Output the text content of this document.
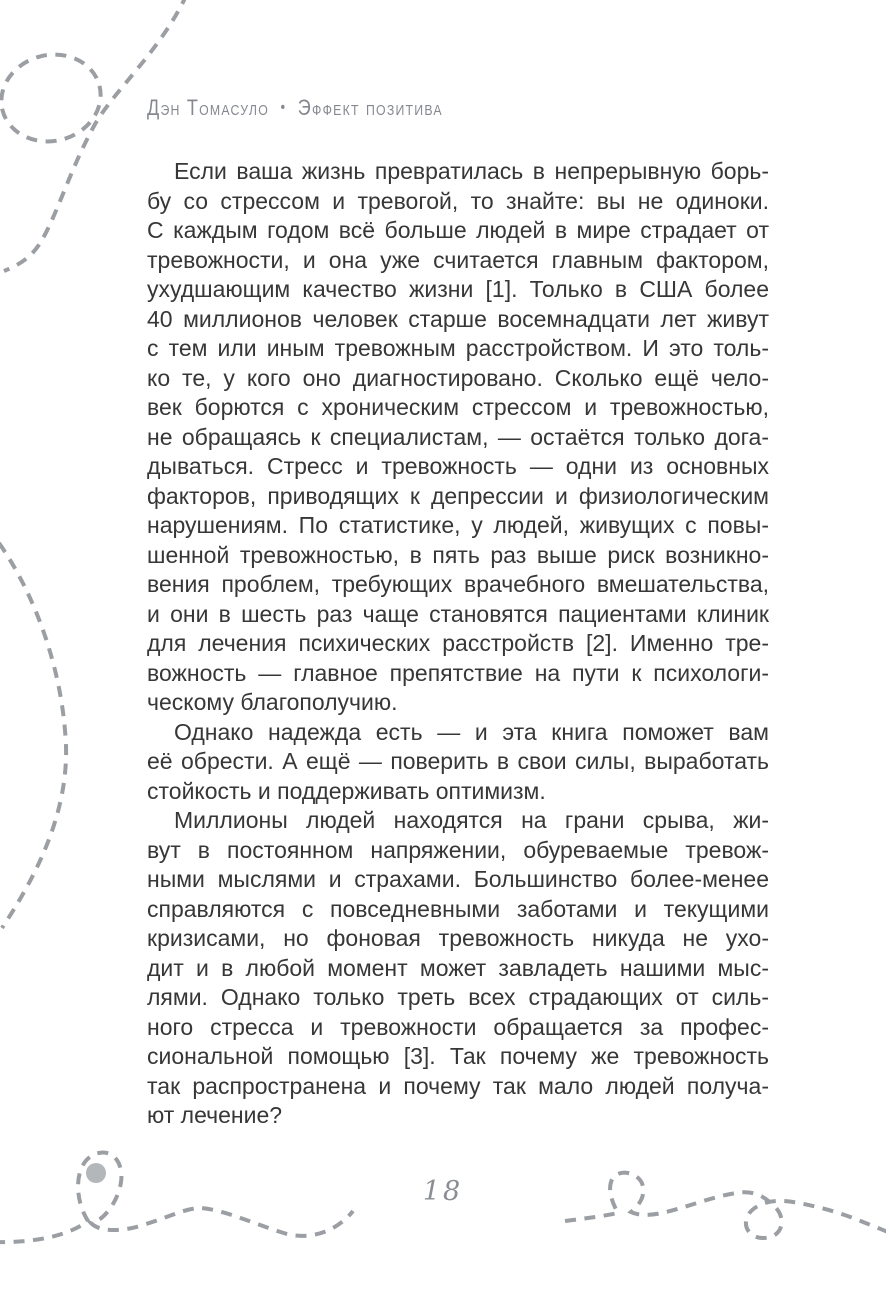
Дэн Томасуло • Эффект позитива
Если ваша жизнь превратилась в непрерывную борь-
бу со стрессом и тревогой, то знайте: вы не одиноки.
С каждым годом всё больше людей в мире страдает от
тревожности, и она уже считается главным фактором,
ухудшающим качество жизни [1]. Только в США более
40 миллионов человек старше восемнадцати лет живут
с тем или иным тревожным расстройством. И это толь-
ко те, у кого оно диагностировано. Сколько ещё чело-
век борются с хроническим стрессом и тревожностью,
не обращаясь к специалистам, — остаётся только дога-
дываться. Стресс и тревожность — одни из основных
факторов, приводящих к депрессии и физиологическим
нарушениям. По статистике, у людей, живущих с повы-
шенной тревожностью, в пять раз выше риск возникно-
вения проблем, требующих врачебного вмешательства,
и они в шесть раз чаще становятся пациентами клиник
для лечения психических расстройств [2]. Именно тре-
вожность — главное препятствие на пути к психологи-
ческому благополучию.
Однако надежда есть — и эта книга поможет вам
её обрести. А ещё — поверить в свои силы, выработать
стойкость и поддерживать оптимизм.
Миллионы людей находятся на грани срыва, жи-
вут в постоянном напряжении, обуреваемые тревож-
ными мыслями и страхами. Большинство более-менее
справляются с повседневными заботами и текущими
кризисами, но фоновая тревожность никуда не ухо-
дит и в любой момент может завладеть нашими мыс-
лями. Однако только треть всех страдающих от силь-
ного стресса и тревожности обращается за профес-
сиональной помощью [3]. Так почему же тревожность
так распространена и почему так мало людей получа-
ют лечение?
18
